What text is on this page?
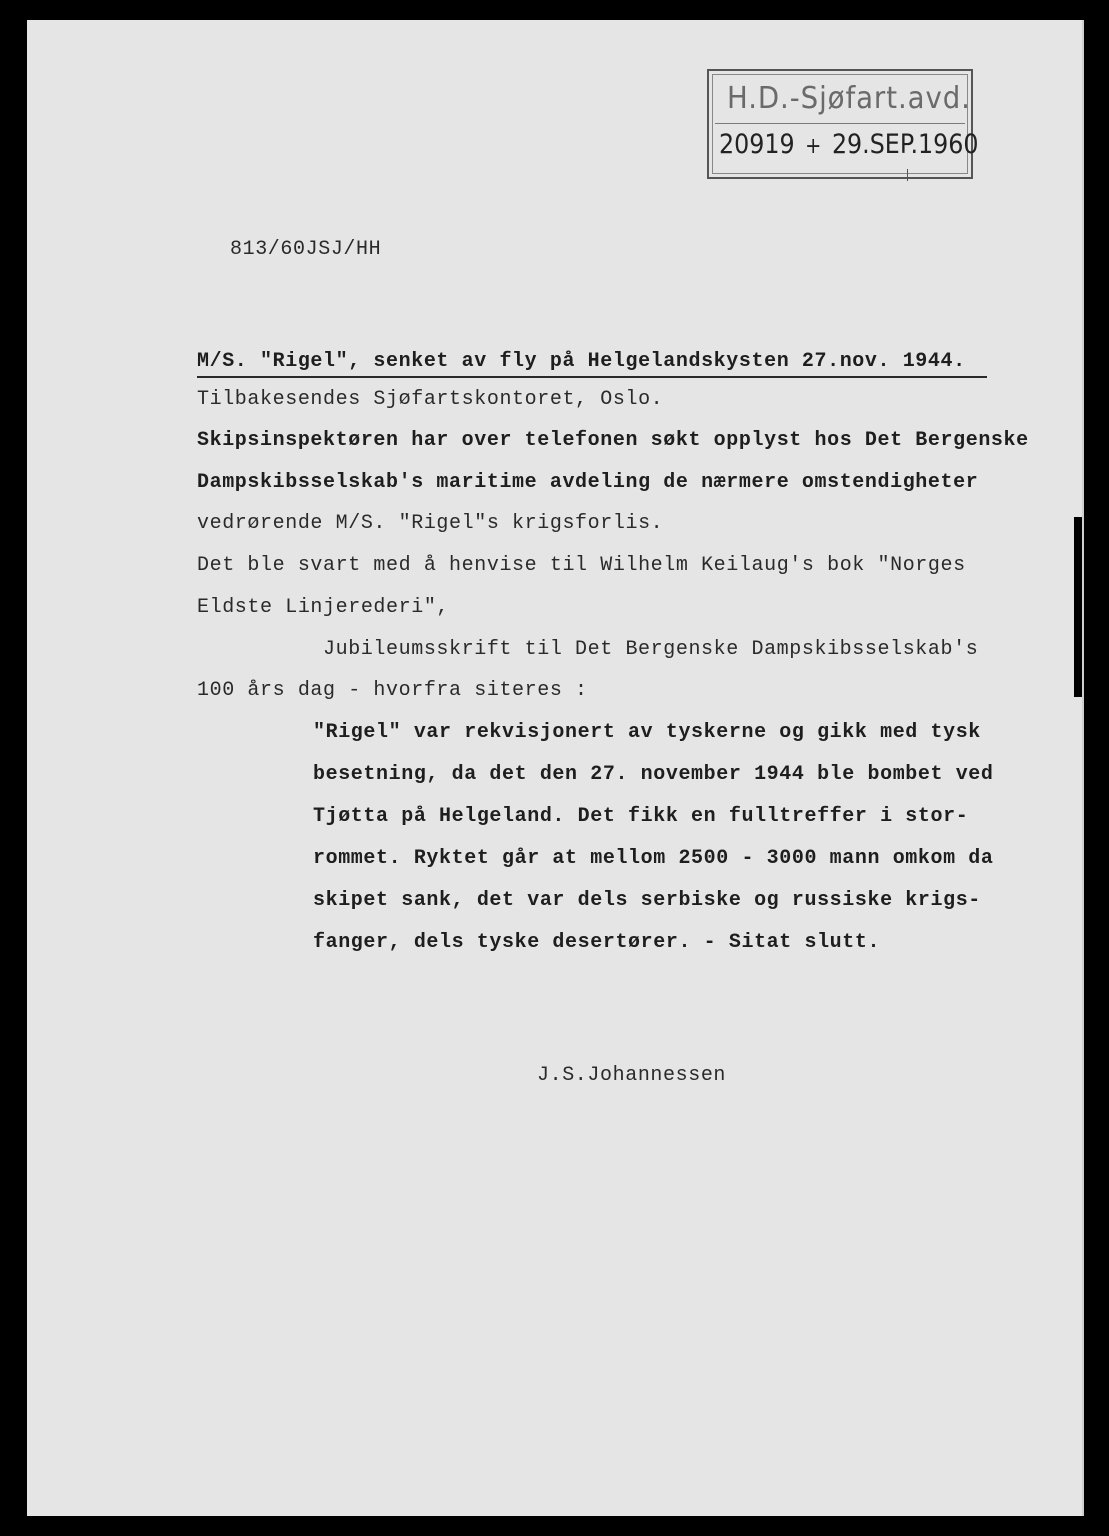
H.D.-Sjøfart.avd.
20919 + 29.SEP.1960
813/60JSJ/HH
M/S. "Rigel", senket av fly på Helgelandskysten 27.nov. 1944.
Tilbakesendes Sjøfartskontoret, Oslo.
Skipsinspektøren har over telefonen søkt opplyst hos Det Bergenske
Dampskibsselskab's maritime avdeling de nærmere omstendigheter
vedrørende M/S. "Rigel"s krigsforlis.
Det ble svart med å henvise til Wilhelm Keilaug's bok "Norges
Eldste Linjerederi",
Jubileumsskrift til Det Bergenske Dampskibsselskab's
100 års dag - hvorfra siteres :
"Rigel" var rekvisjonert av tyskerne og gikk med tysk
besetning, da det den 27. november 1944 ble bombet ved
Tjøtta på Helgeland. Det fikk en fulltreffer i stor-
rommet. Ryktet går at mellom 2500 - 3000 mann omkom da
skipet sank, det var dels serbiske og russiske krigs-
fanger, dels tyske desertører. - Sitat slutt.
J.S.Johannessen
